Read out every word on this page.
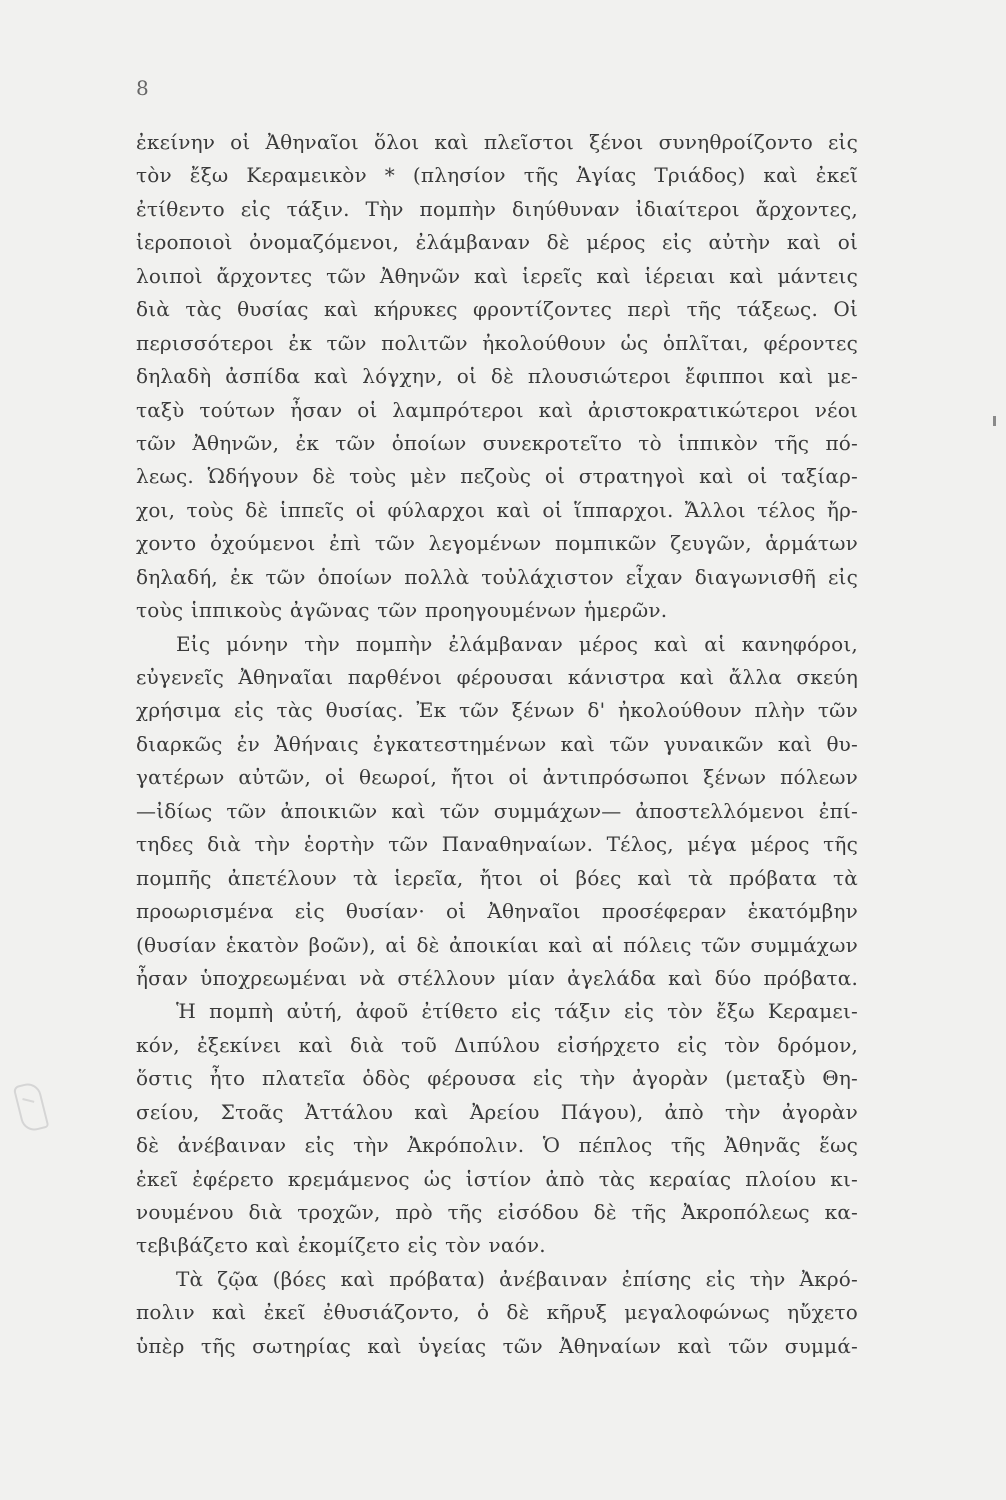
8
ἐκείνην οἱ Ἀθηναῖοι ὅλοι καὶ πλεῖστοι ξένοι συνηθροίζοντο εἰς
τὸν ἔξω Κεραμεικὸν * (πλησίον τῆς Ἁγίας Τριάδος) καὶ ἐκεῖ
ἐτίθεντο εἰς τάξιν. Τὴν πομπὴν διηύθυναν ἰδιαίτεροι ἄρχοντες,
ἱεροποιοὶ ὀνομαζόμενοι, ἐλάμβαναν δὲ μέρος εἰς αὐτὴν καὶ οἱ
λοιποὶ ἄρχοντες τῶν Ἀθηνῶν καὶ ἱερεῖς καὶ ἱέρειαι καὶ μάντεις
διὰ τὰς θυσίας καὶ κήρυκες φροντίζοντες περὶ τῆς τάξεως. Οἱ
περισσότεροι ἐκ τῶν πολιτῶν ἠκολούθουν ὡς ὁπλῖται, φέροντες
δηλαδὴ ἀσπίδα καὶ λόγχην, οἱ δὲ πλουσιώτεροι ἔφιπποι καὶ με-
ταξὺ τούτων ἦσαν οἱ λαμπρότεροι καὶ ἀριστοκρατικώτεροι νέοι
τῶν Ἀθηνῶν, ἐκ τῶν ὁποίων συνεκροτεῖτο τὸ ἱππικὸν τῆς πό-
λεως. Ὡδήγουν δὲ τοὺς μὲν πεζοὺς οἱ στρατηγοὶ καὶ οἱ ταξίαρ-
χοι, τοὺς δὲ ἱππεῖς οἱ φύλαρχοι καὶ οἱ ἵππαρχοι. Ἄλλοι τέλος ἤρ-
χοντο ὀχούμενοι ἐπὶ τῶν λεγομένων πομπικῶν ζευγῶν, ἁρμάτων
δηλαδή, ἐκ τῶν ὁποίων πολλὰ τοὐλάχιστον εἶχαν διαγωνισθῆ εἰς
τοὺς ἱππικοὺς ἀγῶνας τῶν προηγουμένων ἡμερῶν.
Εἰς μόνην τὴν πομπὴν ἐλάμβαναν μέρος καὶ αἱ κανηφόροι,
εὐγενεῖς Ἀθηναῖαι παρθένοι φέρουσαι κάνιστρα καὶ ἄλλα σκεύη
χρήσιμα εἰς τὰς θυσίας. Ἐκ τῶν ξένων δ' ἠκολούθουν πλὴν τῶν
διαρκῶς ἐν Ἀθήναις ἐγκατεστημένων καὶ τῶν γυναικῶν καὶ θυ-
γατέρων αὐτῶν, οἱ θεωροί, ἤτοι οἱ ἀντιπρόσωποι ξένων πόλεων
—ἰδίως τῶν ἀποικιῶν καὶ τῶν συμμάχων— ἀποστελλόμενοι ἐπί-
τηδες διὰ τὴν ἑορτὴν τῶν Παναθηναίων. Τέλος, μέγα μέρος τῆς
πομπῆς ἀπετέλουν τὰ ἱερεῖα, ἤτοι οἱ βόες καὶ τὰ πρόβατα τὰ
προωρισμένα εἰς θυσίαν· οἱ Ἀθηναῖοι προσέφεραν ἑκατόμβην
(θυσίαν ἑκατὸν βοῶν), αἱ δὲ ἀποικίαι καὶ αἱ πόλεις τῶν συμμάχων
ἦσαν ὑποχρεωμέναι νὰ στέλλουν μίαν ἀγελάδα καὶ δύο πρόβατα.
Ἡ πομπὴ αὐτή, ἀφοῦ ἐτίθετο εἰς τάξιν εἰς τὸν ἔξω Κεραμει-
κόν, ἐξεκίνει καὶ διὰ τοῦ Διπύλου εἰσήρχετο εἰς τὸν δρόμον,
ὅστις ἦτο πλατεῖα ὁδὸς φέρουσα εἰς τὴν ἀγορὰν (μεταξὺ Θη-
σείου, Στοᾶς Ἀττάλου καὶ Ἀρείου Πάγου), ἀπὸ τὴν ἀγορὰν
δὲ ἀνέβαιναν εἰς τὴν Ἀκρόπολιν. Ὁ πέπλος τῆς Ἀθηνᾶς ἕως
ἐκεῖ ἐφέρετο κρεμάμενος ὡς ἱστίον ἀπὸ τὰς κεραίας πλοίου κι-
νουμένου διὰ τροχῶν, πρὸ τῆς εἰσόδου δὲ τῆς Ἀκροπόλεως κα-
τεβιβάζετο καὶ ἐκομίζετο εἰς τὸν ναόν.
Τὰ ζῷα (βόες καὶ πρόβατα) ἀνέβαιναν ἐπίσης εἰς τὴν Ἀκρό-
πολιν καὶ ἐκεῖ ἐθυσιάζοντο, ὁ δὲ κῆρυξ μεγαλοφώνως ηὔχετο
ὑπὲρ τῆς σωτηρίας καὶ ὑγείας τῶν Ἀθηναίων καὶ τῶν συμμά-
